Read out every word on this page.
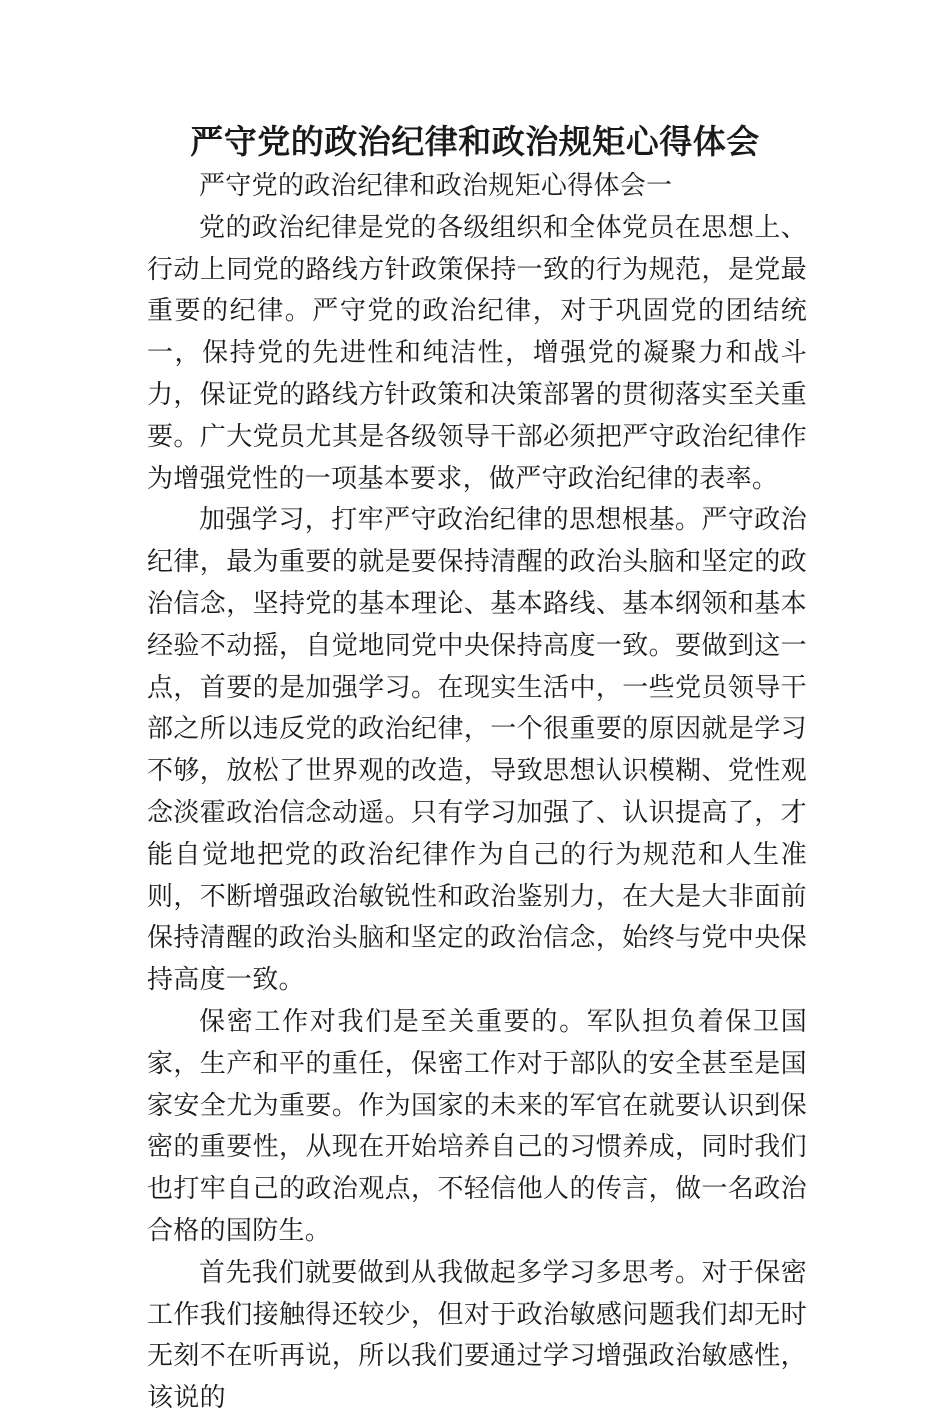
严守党的政治纪律和政治规矩心得体会

严守党的政治纪律和政治规矩心得体会一

党的政治纪律是党的各级组织和全体党员在思想上、行动上同党的路线方针政策保持一致的行为规范，是党最重要的纪律。严守党的政治纪律，对于巩固党的团结统一，保持党的先进性和纯洁性，增强党的凝聚力和战斗力，保证党的路线方针政策和决策部署的贯彻落实至关重要。广大党员尤其是各级领导干部必须把严守政治纪律作为增强党性的一项基本要求，做严守政治纪律的表率。

加强学习，打牢严守政治纪律的思想根基。严守政治纪律，最为重要的就是要保持清醒的政治头脑和坚定的政治信念，坚持党的基本理论、基本路线、基本纲领和基本经验不动摇，自觉地同党中央保持高度一致。要做到这一点，首要的是加强学习。在现实生活中，一些党员领导干部之所以违反党的政治纪律，一个很重要的原因就是学习不够，放松了世界观的改造，导致思想认识模糊、党性观念淡霍政治信念动遥。只有学习加强了、认识提高了，才能自觉地把党的政治纪律作为自己的行为规范和人生准则，不断增强政治敏锐性和政治鉴别力，在大是大非面前保持清醒的政治头脑和坚定的政治信念，始终与党中央保持高度一致。

保密工作对我们是至关重要的。军队担负着保卫国家，生产和平的重任，保密工作对于部队的安全甚至是国家安全尤为重要。作为国家的未来的军官在就要认识到保密的重要性，从现在开始培养自己的习惯养成，同时我们也打牢自己的政治观点，不轻信他人的传言，做一名政治合格的国防生。

首先我们就要做到从我做起多学习多思考。对于保密工作我们接触得还较少，但对于政治敏感问题我们却无时无刻不在听再说，所以我们要通过学习增强政治敏感性，该说的
